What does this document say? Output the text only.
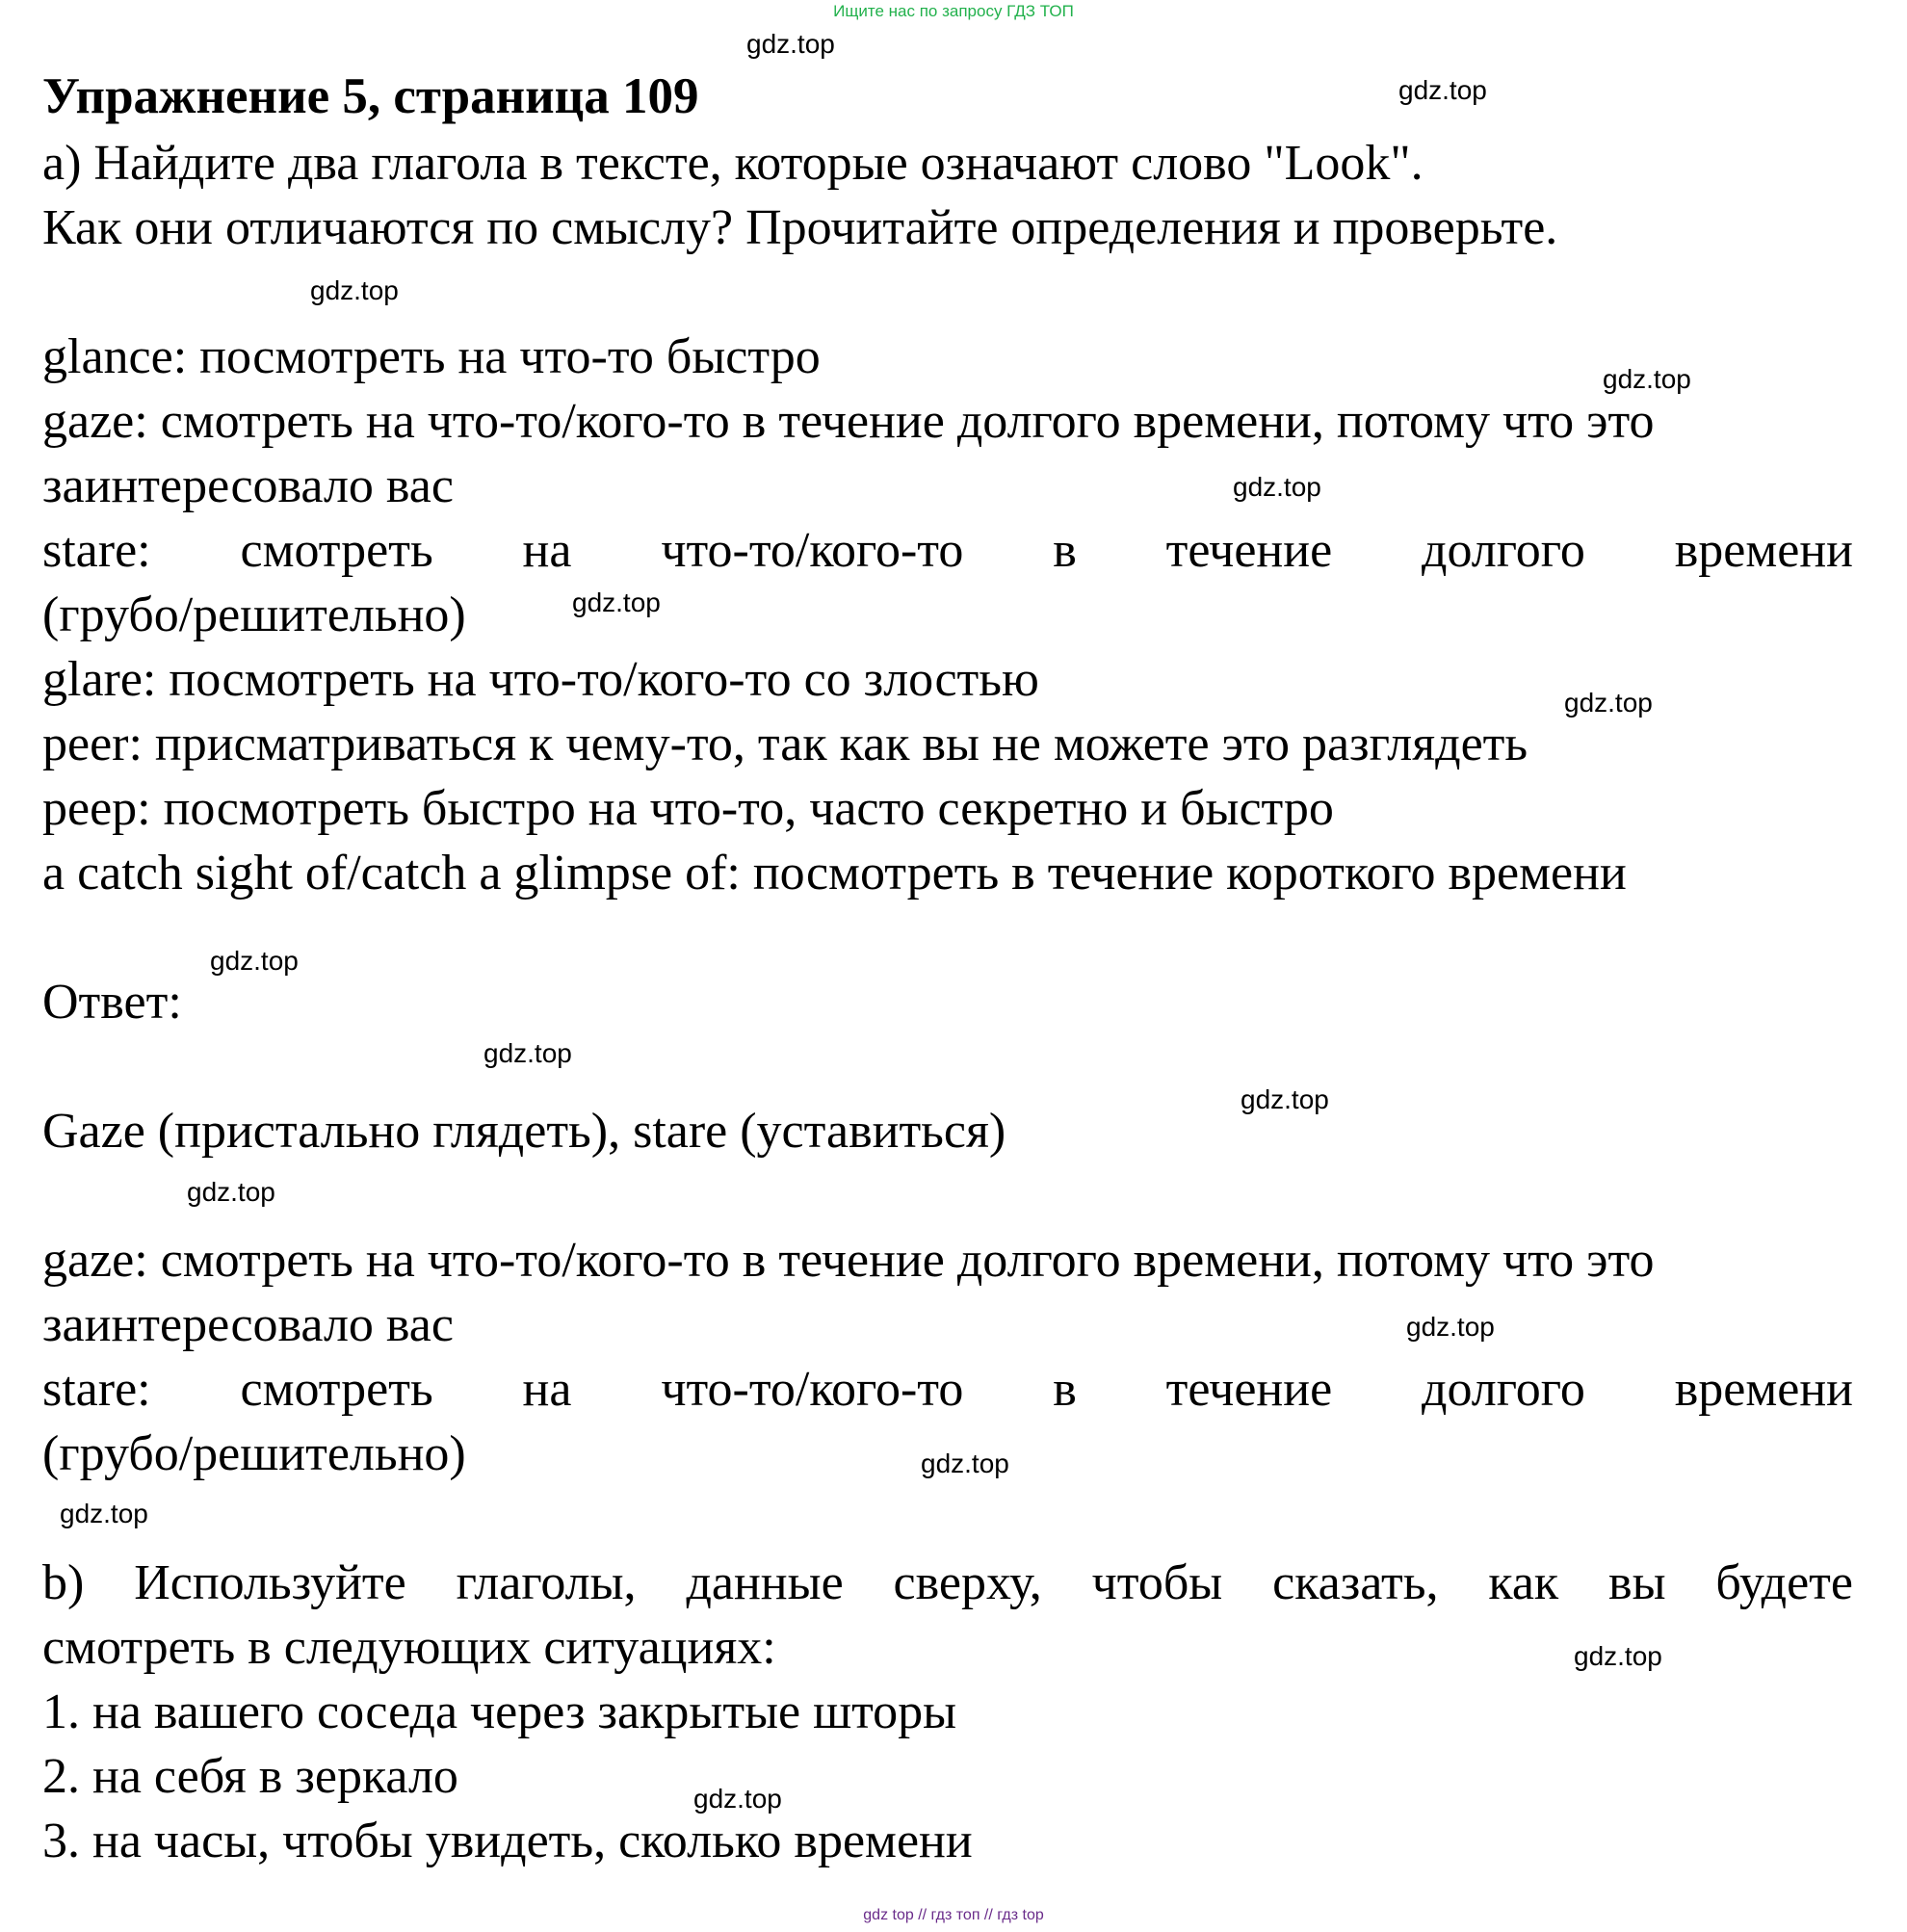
Ищите нас по запросу ГДЗ ТОП
gdz.top
gdz.top
gdz.top
gdz.top
gdz.top
gdz.top
gdz.top
gdz.top
gdz.top
gdz.top
gdz.top
gdz.top
gdz.top
gdz.top
gdz.top
gdz.top
Упражнение 5, страница 109
a) Найдите два глагола в тексте, которые означают слово "Look".
Как они отличаются по смыслу? Прочитайте определения и проверьте.
glance: посмотреть на что-то быстро
gaze: смотреть на что-то/кого-то в течение долгого времени, потому что это
заинтересовало вас
stare: смотреть на что-то/кого-то в течение долгого времени
(грубо/решительно)
glare: посмотреть на что-то/кого-то со злостью
peer: присматриваться к чему-то, так как вы не можете это разглядеть
peep: посмотреть быстро на что-то, часто секретно и быстро
a catch sight of/catch a glimpse of: посмотреть в течение короткого времени
Ответ:
Gaze (пристально глядеть), stare (уставиться)
gaze: смотреть на что-то/кого-то в течение долгого времени, потому что это
заинтересовало вас
stare: смотреть на что-то/кого-то в течение долгого времени
(грубо/решительно)
b) Используйте глаголы, данные сверху, чтобы сказать, как вы будете
смотреть в следующих ситуациях:
1. на вашего соседа через закрытые шторы
2. на себя в зеркало
3. на часы, чтобы увидеть, сколько времени
gdz top // гдз топ // гдз top
